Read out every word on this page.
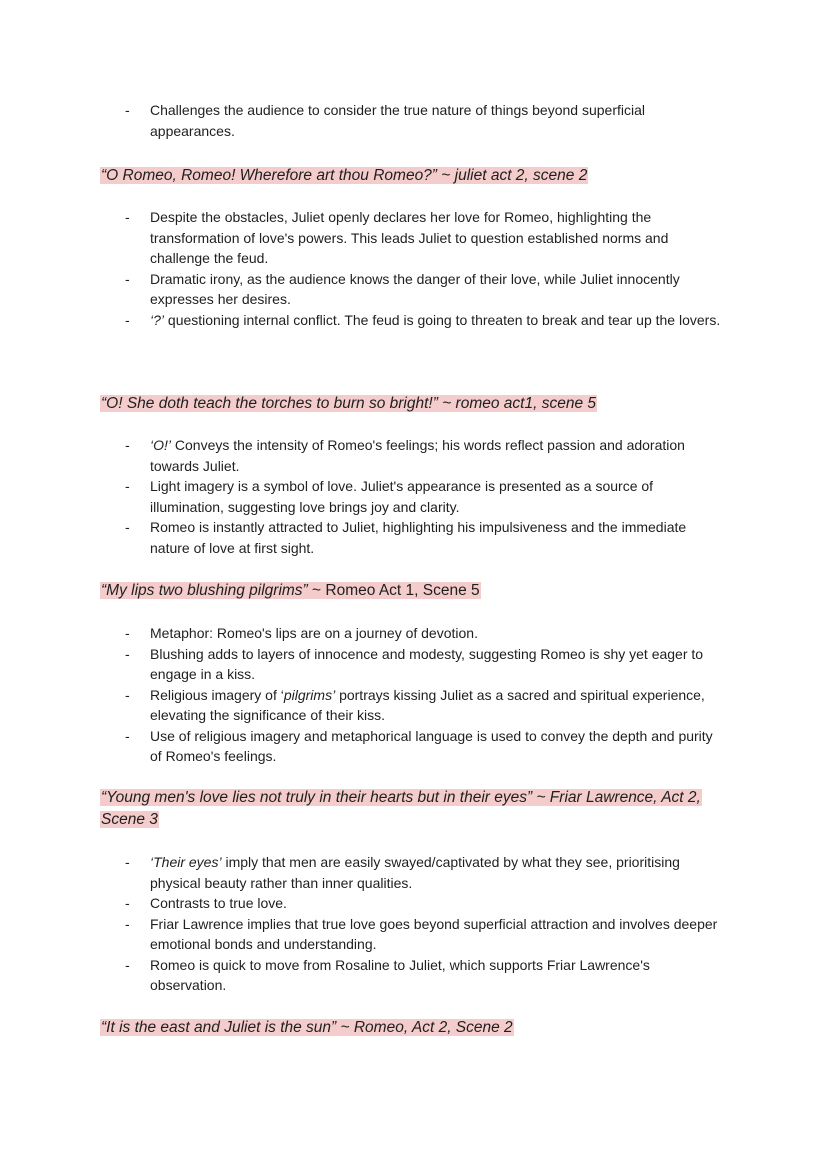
- Challenges the audience to consider the true nature of things beyond superficial appearances.
“O Romeo, Romeo! Wherefore art thou Romeo?” ~ juliet act 2, scene 2
- Despite the obstacles, Juliet openly declares her love for Romeo, highlighting the transformation of love's powers. This leads Juliet to question established norms and challenge the feud.
- Dramatic irony, as the audience knows the danger of their love, while Juliet innocently expresses her desires.
- ‘?’ questioning internal conflict. The feud is going to threaten to break and tear up the lovers.
“O! She doth teach the torches to burn so bright!” ~ romeo act1, scene 5
- ‘O!’ Conveys the intensity of Romeo's feelings; his words reflect passion and adoration towards Juliet.
- Light imagery is a symbol of love. Juliet's appearance is presented as a source of illumination, suggesting love brings joy and clarity.
- Romeo is instantly attracted to Juliet, highlighting his impulsiveness and the immediate nature of love at first sight.
“My lips two blushing pilgrims” ~ Romeo Act 1, Scene 5
- Metaphor: Romeo's lips are on a journey of devotion.
- Blushing adds to layers of innocence and modesty, suggesting Romeo is shy yet eager to engage in a kiss.
- Religious imagery of ‘pilgrims’ portrays kissing Juliet as a sacred and spiritual experience, elevating the significance of their kiss.
- Use of religious imagery and metaphorical language is used to convey the depth and purity of Romeo's feelings.
“Young men's love lies not truly in their hearts but in their eyes” ~ Friar Lawrence, Act 2, Scene 3
- ‘Their eyes’ imply that men are easily swayed/captivated by what they see, prioritising physical beauty rather than inner qualities.
- Contrasts to true love.
- Friar Lawrence implies that true love goes beyond superficial attraction and involves deeper emotional bonds and understanding.
- Romeo is quick to move from Rosaline to Juliet, which supports Friar Lawrence's observation.
“It is the east and Juliet is the sun” ~ Romeo, Act 2, Scene 2
